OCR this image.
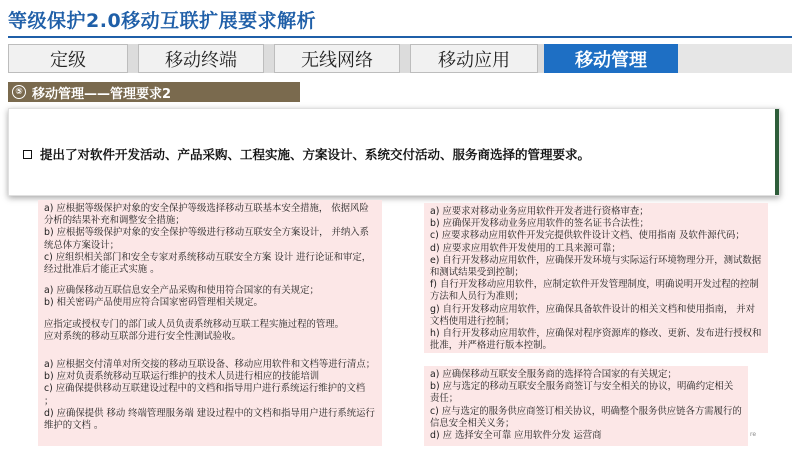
等级保护2.0移动互联扩展要求解析
定级	移动终端	无线网络	移动应用	移动管理
⑤ 移动管理——管理要求2
提出了对软件开发活动、产品采购、工程实施、方案设计、系统交付活动、服务商选择的管理要求。

a) 应根据等级保护对象的安全保护等级选择移动互联基本安全措施， 依据风险分析的结果补充和调整安全措施；

b) 应根据等级保护对象的安全保护等级进行移动互联安全方案设计， 并纳入系统总体方案设计；

c) 应组织相关部门和安全专家对系统移动互联安全方案 设计 进行论证和审定， 经过批准后才能正式实施 。

a) 应确保移动互联信息安全产品采购和使用符合国家的有关规定；

b) 相关密码产品使用应符合国家密码管理相关规定。

应指定或授权专门的部门或人员负责系统移动互联工程实施过程的管理。

应对系统的移动互联部分进行安全性测试验收。

a) 应根据交付清单对所交接的移动互联设备、移动应用软件和文档等进行清点；

b) 应对负责系统移动互联运行维护的技术人员进行相应的技能培训

c) 应确保提供移动互联建设过程中的文档和指导用户进行系统运行维护的文档 ；

d) 应确保提供 移动 终端管理服务端 建设过程中的文档和指导用户进行系统运行维护的文档 。

a) 应要求对移动业务应用软件开发者进行资格审查；

b) 应确保开发移动业务应用软件的签名证书合法性；

c) 应要求移动应用软件开发完提供软件设计文档、使用指南 及软件源代码；

d) 应要求应用软件开发使用的工具来源可靠；

e) 自行开发移动应用软件，应确保开发环境与实际运行环境物理分开，测试数据和测试结果受到控制；

f) 自行开发移动应用软件，应制定软件开发管理制度，明确说明开发过程的控制方法和人员行为准则；

g) 自行开发移动应用软件，应确保具备软件设计的相关文档和使用指南， 并对文档使用进行控制；

h) 自行开发移动应用软件，应确保对程序资源库的修改、更新、发布进行授权和批准，并严格进行版本控制。

a) 应确保移动互联安全服务商的选择符合国家的有关规定；

b) 应与选定的移动互联安全服务商签订与安全相关的协议，明确约定相关责任；

c) 应与选定的服务供应商签订相关协议，明确整个服务供应链各方需履行的信息安全相关义务；

d) 应 选择安全可靠 应用软件分发 运营商	re
